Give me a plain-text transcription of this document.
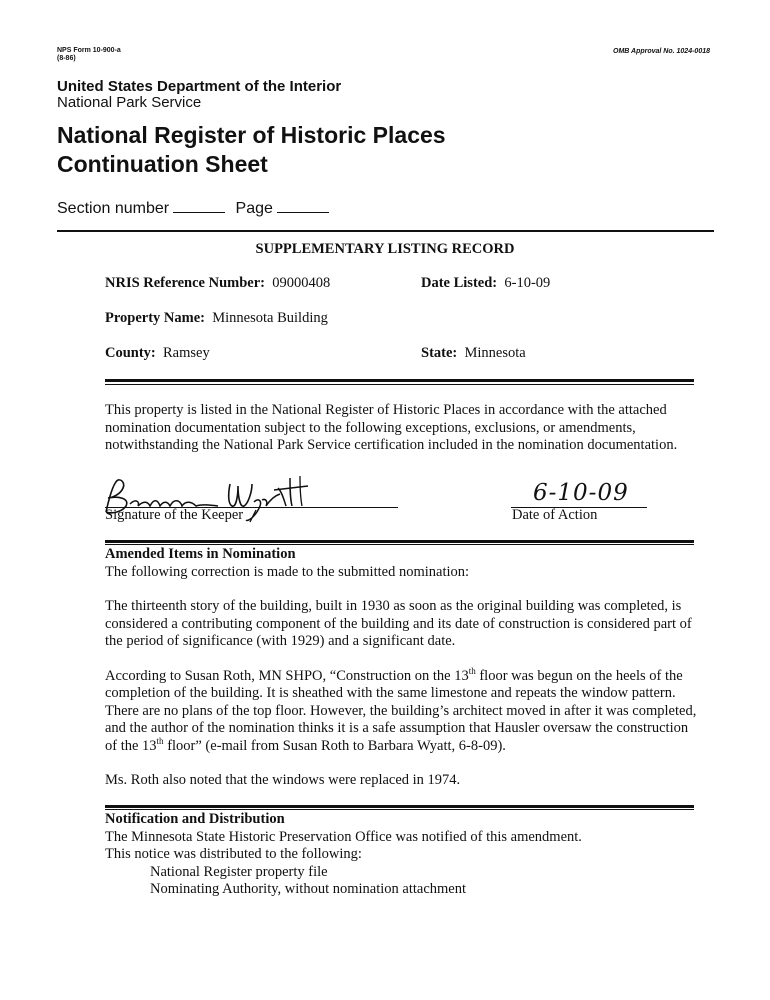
NPS Form 10-900-a
(8-86)
OMB Approval No. 1024-0018
United States Department of the Interior
National Park Service
National Register of Historic Places
Continuation Sheet
Section number	Page
SUPPLEMENTARY LISTING RECORD
NRIS Reference Number: 09000408	Date Listed: 6-10-09
Property Name: Minnesota Building
County: Ramsey	State: Minnesota
This property is listed in the National Register of Historic Places in accordance with the attached nomination documentation subject to the following exceptions, exclusions, or amendments, notwithstanding the National Park Service certification included in the nomination documentation.
Barbara Wyatt
Signature of the Keeper
6-10-09
Date of Action
Amended Items in Nomination
The following correction is made to the submitted nomination:
The thirteenth story of the building, built in 1930 as soon as the original building was completed, is considered a contributing component of the building and its date of construction is considered part of the period of significance (with 1929) and a significant date.
According to Susan Roth, MN SHPO, “Construction on the 13th floor was begun on the heels of the completion of the building. It is sheathed with the same limestone and repeats the window pattern. There are no plans of the top floor. However, the building’s architect moved in after it was completed, and the author of the nomination thinks it is a safe assumption that Hausler oversaw the construction of the 13th floor” (e-mail from Susan Roth to Barbara Wyatt, 6-8-09).
Ms. Roth also noted that the windows were replaced in 1974.
Notification and Distribution
The Minnesota State Historic Preservation Office was notified of this amendment.
This notice was distributed to the following:
National Register property file
Nominating Authority, without nomination attachment
